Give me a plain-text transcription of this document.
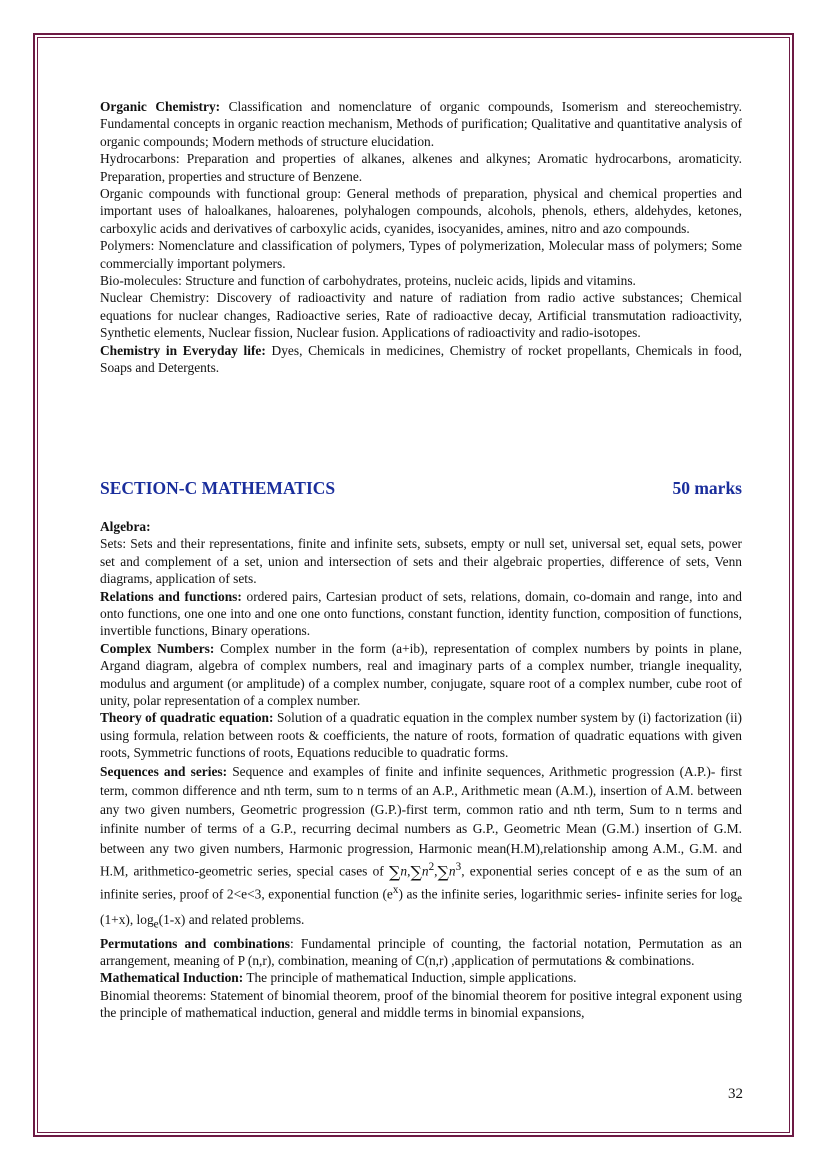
Organic Chemistry: Classification and nomenclature of organic compounds, Isomerism and stereochemistry. Fundamental concepts in organic reaction mechanism, Methods of purification; Qualitative and quantitative analysis of organic compounds; Modern methods of structure elucidation.

Hydrocarbons: Preparation and properties of alkanes, alkenes and alkynes; Aromatic hydrocarbons, aromaticity. Preparation, properties and structure of Benzene.

Organic compounds with functional group: General methods of preparation, physical and chemical properties and important uses of haloalkanes, haloarenes, polyhalogen compounds, alcohols, phenols, ethers, aldehydes, ketones, carboxylic acids and derivatives of carboxylic acids, cyanides, isocyanides, amines, nitro and azo compounds.

Polymers: Nomenclature and classification of polymers, Types of polymerization, Molecular mass of polymers; Some commercially important polymers.

Bio-molecules: Structure and function of carbohydrates, proteins, nucleic acids, lipids and vitamins.

Nuclear Chemistry: Discovery of radioactivity and nature of radiation from radio active substances; Chemical equations for nuclear changes, Radioactive series, Rate of radioactive decay, Artificial transmutation radioactivity, Synthetic elements, Nuclear fission, Nuclear fusion. Applications of radioactivity and radio-isotopes.

Chemistry in Everyday life: Dyes, Chemicals in medicines, Chemistry of rocket propellants, Chemicals in food, Soaps and Detergents.

SECTION-C MATHEMATICS	50 marks

Algebra:

Sets: Sets and their representations, finite and infinite sets, subsets, empty or null set, universal set, equal sets, power set and complement of a set, union and intersection of sets and their algebraic properties, difference of sets, Venn diagrams, application of sets.

Relations and functions: ordered pairs, Cartesian product of sets, relations, domain, co-domain and range, into and onto functions, one one into and one one onto functions, constant function, identity function, composition of functions, invertible functions, Binary operations.

Complex Numbers: Complex number in the form (a+ib), representation of complex numbers by points in plane, Argand diagram, algebra of complex numbers, real and imaginary parts of a complex number, triangle inequality, modulus and argument (or amplitude) of a complex number, conjugate, square root of a complex number, cube root of unity, polar representation of a complex number.

Theory of quadratic equation: Solution of a quadratic equation in the complex number system by (i) factorization (ii) using formula, relation between roots & coefficients, the nature of roots, formation of quadratic equations with given roots, Symmetric functions of roots, Equations reducible to quadratic forms.

Sequences and series: Sequence and examples of finite and infinite sequences, Arithmetic progression (A.P.)- first term, common difference and nth term, sum to n terms of an A.P., Arithmetic mean (A.M.), insertion of A.M. between any two given numbers, Geometric progression (G.P.)-first term, common ratio and nth term, Sum to n terms and infinite number of terms of a G.P., recurring decimal numbers as G.P., Geometric Mean (G.M.) insertion of G.M. between any two given numbers, Harmonic progression, Harmonic mean(H.M),relationship among A.M., G.M. and H.M, arithmetico-geometric series, special cases of $\sum n,\sum n^2,\sum n^3$, exponential series concept of e as the sum of an infinite series, proof of 2<e<3, exponential function $(e^x)$ as the infinite series, logarithmic series- infinite series for $\log_e (1+x)$, $\log_e(1-x)$ and related problems.

Permutations and combinations: Fundamental principle of counting, the factorial notation, Permutation as an arrangement, meaning of P (n,r), combination, meaning of C(n,r) ,application of permutations & combinations.

Mathematical Induction: The principle of mathematical Induction, simple applications.

Binomial theorems: Statement of binomial theorem, proof of the binomial theorem for positive integral exponent using the principle of mathematical induction, general and middle terms in binomial expansions,

32
